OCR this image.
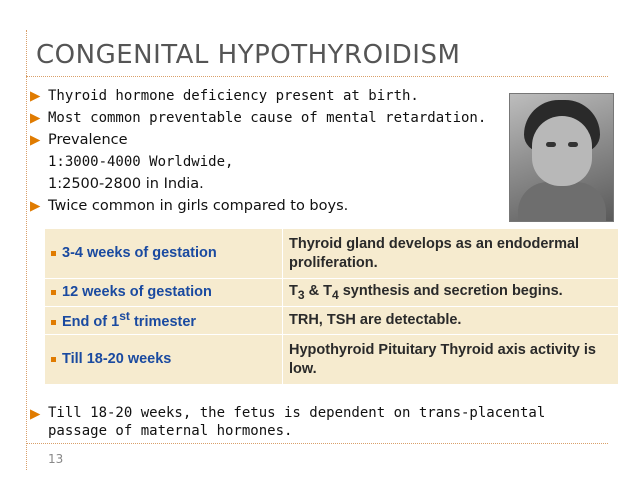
CONGENITAL HYPOTHYROIDISM
▶ Thyroid hormone deficiency present at birth.
▶ Most common preventable cause of mental retardation.
▶ Prevalence
1:3000-4000 Worldwide,
1:2500-2800 in India.
▶ Twice common in girls compared to boys.
3-4 weeks of gestation	Thyroid gland develops as an endodermal proliferation.
12 weeks of gestation	$T_3$ & $T_4$ synthesis and secretion begins.
End of 1st trimester	TRH, TSH are detectable.
Till 18-20 weeks	Hypothyroid Pituitary Thyroid axis activity is low.
▶ Till 18-20 weeks, the fetus is dependent on trans-placental
passage of maternal hormones.
13
